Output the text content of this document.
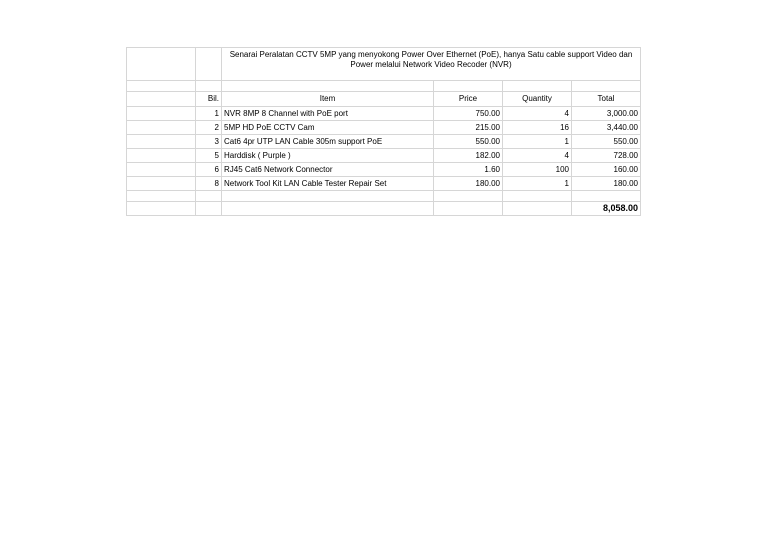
		Senarai Peralatan CCTV 5MP yang menyokong Power Over Ethernet (PoE), hanya Satu cable support Video dan Power melalui Network Video Recoder (NVR)			

	Bil.	Item	Price	Quantity	Total
	1	NVR 8MP 8 Channel with PoE port	750.00	4	3,000.00
	2	5MP HD PoE CCTV Cam	215.00	16	3,440.00
	3	Cat6 4pr UTP LAN Cable 305m support PoE	550.00	1	550.00
	5	Harddisk ( Purple )	182.00	4	728.00
	6	RJ45 Cat6 Network Connector	1.60	100	160.00
	8	Network Tool Kit LAN Cable Tester Repair Set	180.00	1	180.00

					8,058.00
